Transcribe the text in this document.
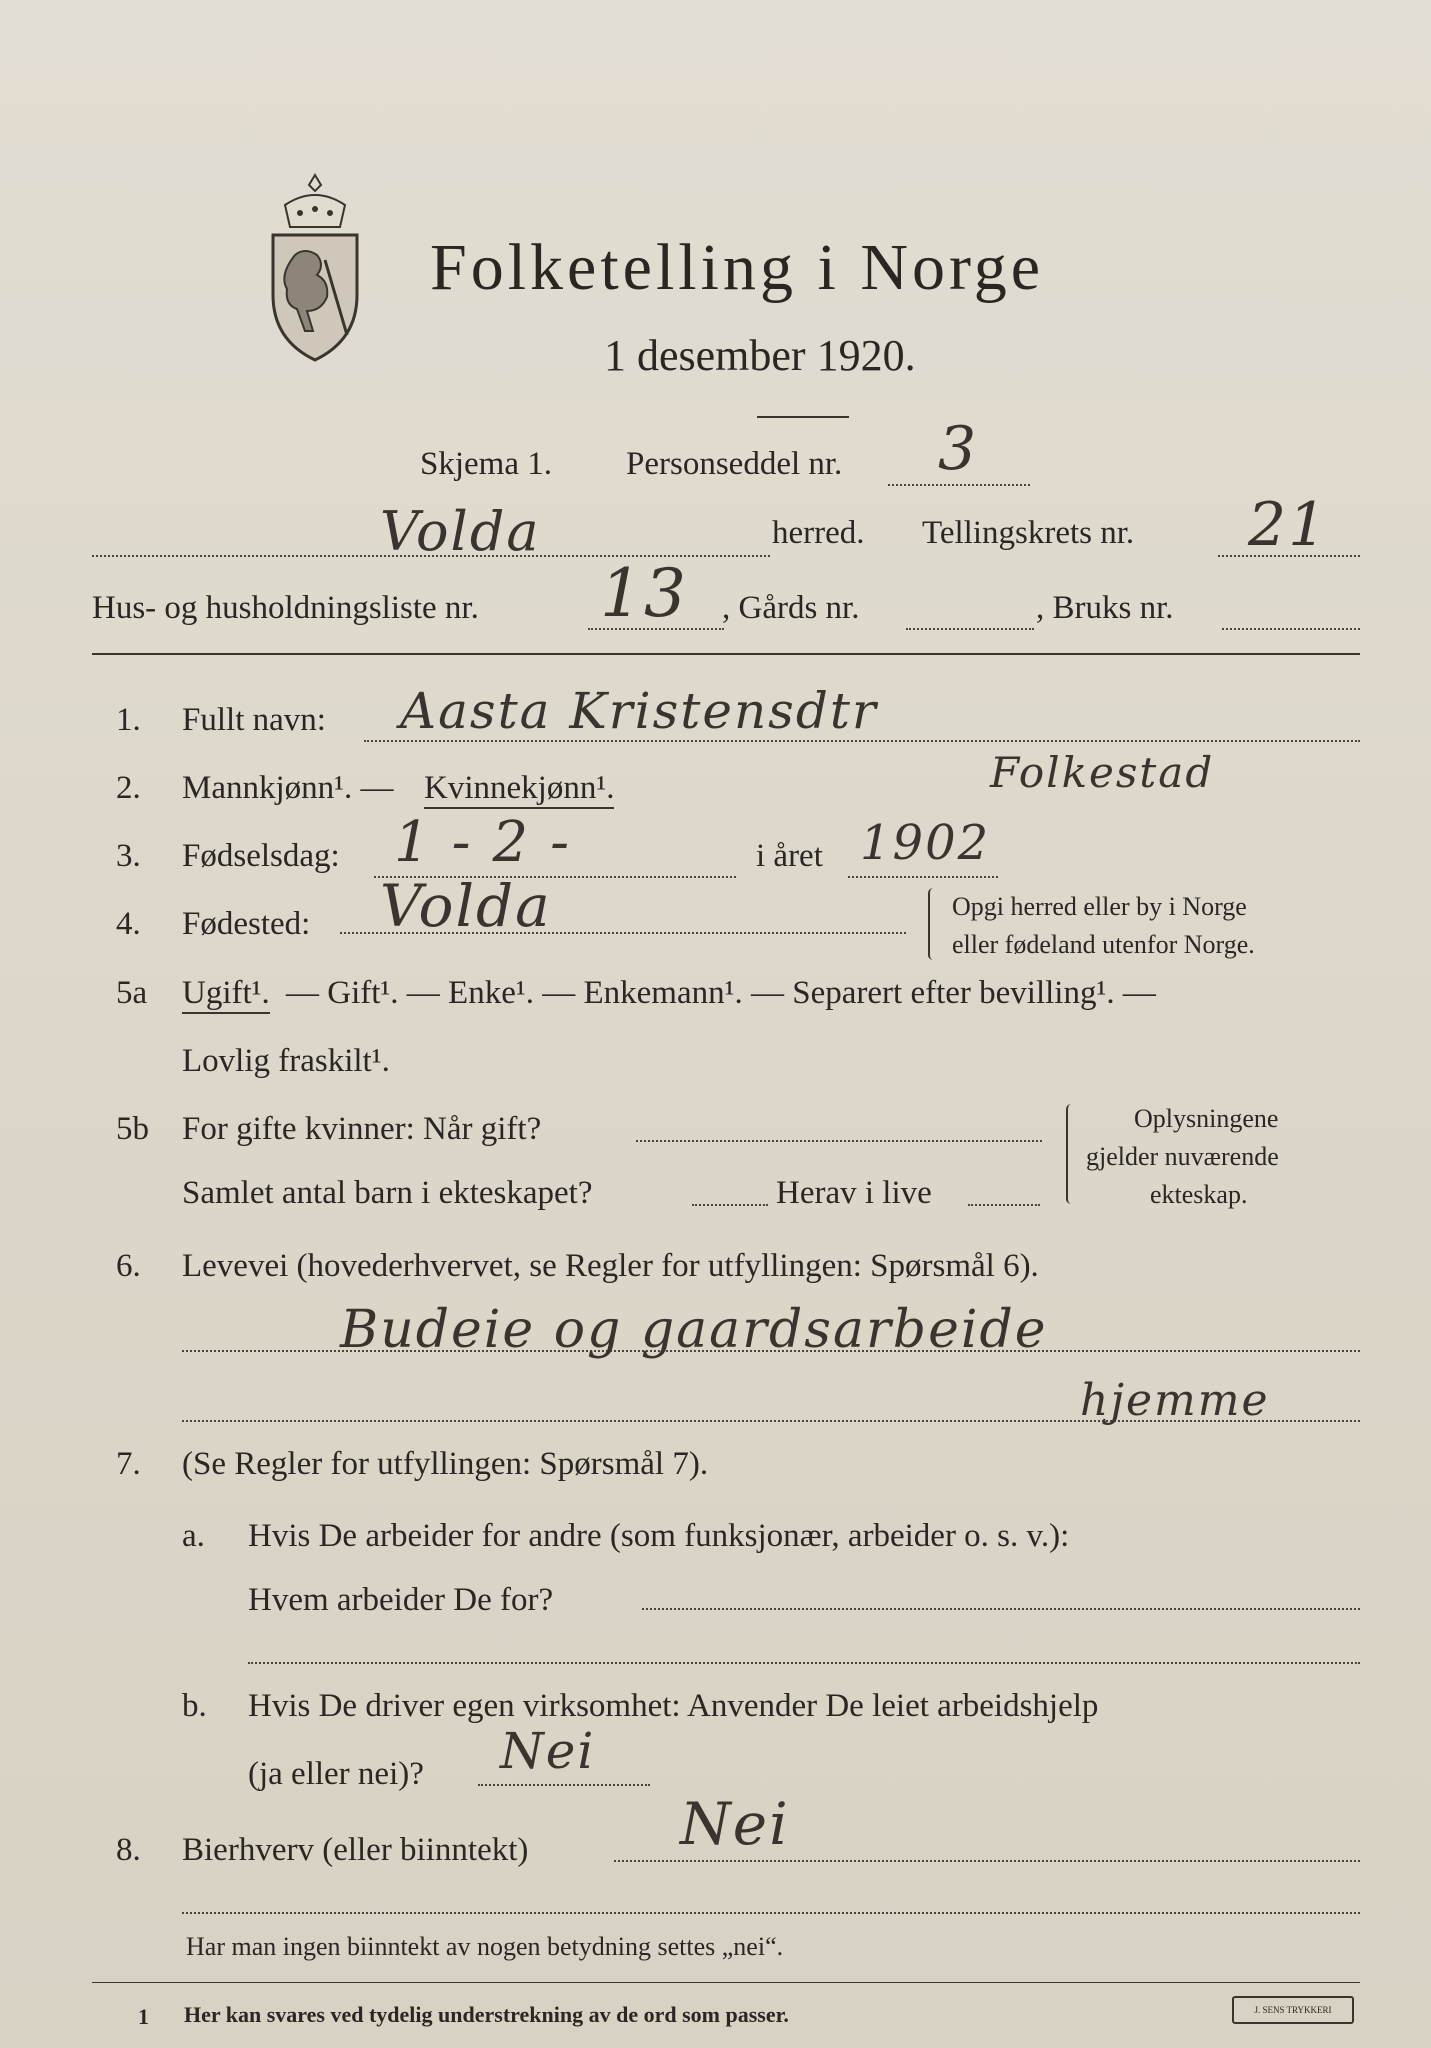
Folketelling i Norge
1 desember 1920.
Skjema 1. Personseddel nr. 3
Volda	herred. Tellingskrets nr. 21
Hus- og husholdningsliste nr. 13 , Gårds nr.	, Bruks nr.
1. Fullt navn: Aasta Kristensdtr
Folkestad
2. Mannkjønn¹. — Kvinnekjønn¹.
3. Fødselsdag: 1-2-	i året 1902
4. Fødested: Volda	Opgi herred eller by i Norge
eller fødeland utenfor Norge.
5a Ugift¹. — Gift¹. — Enke¹. — Enkemann¹. — Separert efter bevilling¹. —
Lovlig fraskilt¹.
5b For gifte kvinner: Når gift?
Samlet antal barn i ekteskapet?	Herav i live
Oplysningene
gjelder nuværende
ekteskap.
6. Levevei (hovederhvervet, se Regler for utfyllingen: Spørsmål 6).
Budeie og gaardsarbeide
hjemme
7. (Se Regler for utfyllingen: Spørsmål 7).
a. Hvis De arbeider for andre (som funksjonær, arbeider o. s. v.):
Hvem arbeider De for?
b. Hvis De driver egen virksomhet: Anvender De leiet arbeidshjelp
(ja eller nei)? Nei
8. Bierhverv (eller biinntekt)	Nei
Har man ingen biinntekt av nogen betydning settes „nei“.
1 Her kan svares ved tydelig understrekning av de ord som passer.	J. SENS TRYKKERI
